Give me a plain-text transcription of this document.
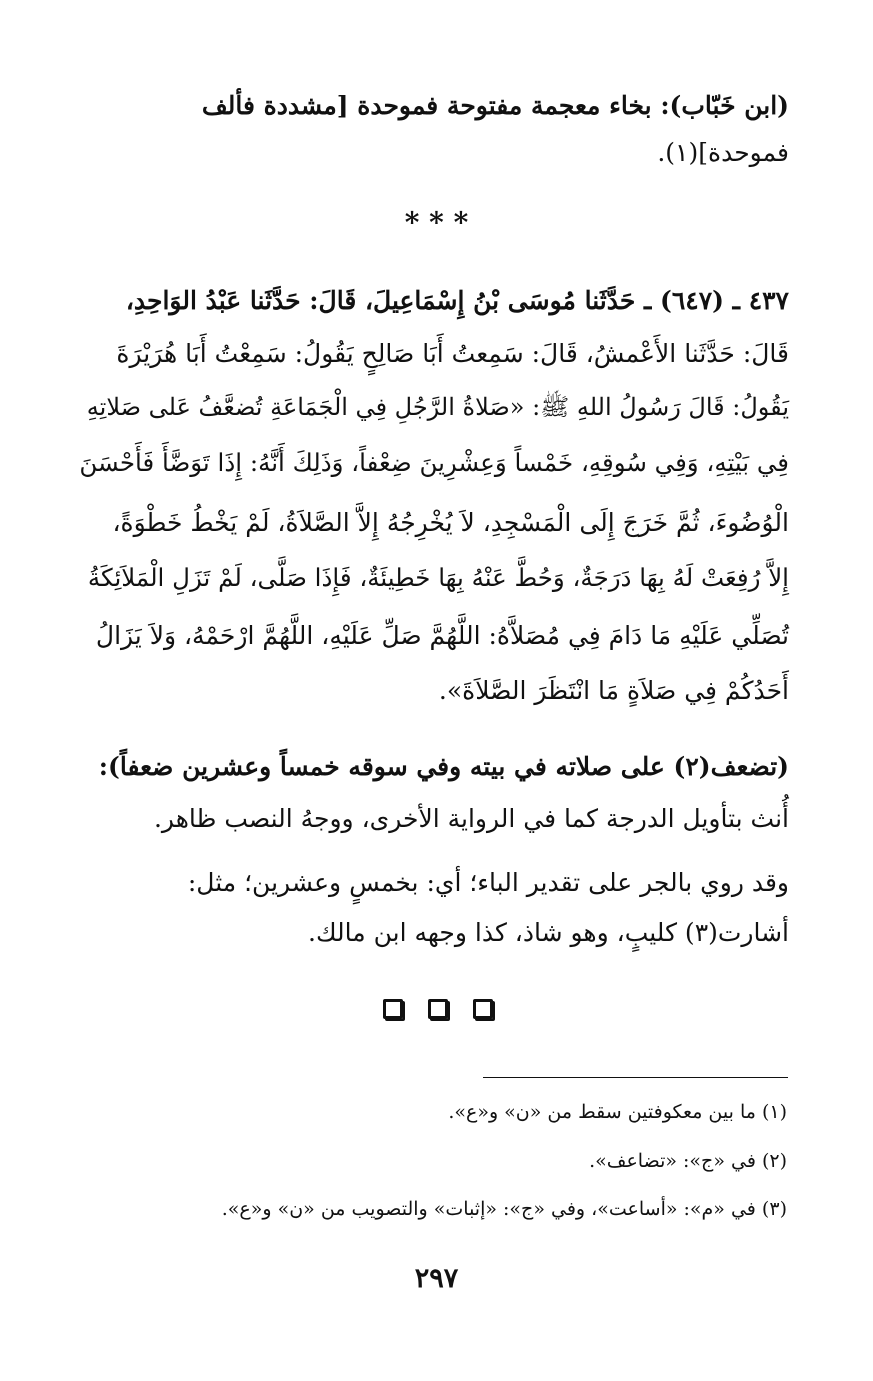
(ابن خَبّاب): بخاء معجمة مفتوحة فموحدة [مشددة فألف

فموحدة](١).

* * *

٤٣٧ ـ (٦٤٧) ـ حَدَّثَنا مُوسَى بْنُ إِسْمَاعِيلَ، قَالَ: حَدَّثَنا عَبْدُ الوَاحِدِ،

قَالَ: حَدَّثَنا الأَعْمشُ، قَالَ: سَمِعتُ أَبَا صَالِحٍ يَقُولُ: سَمِعْتُ أَبَا هُرَيْرَةَ

يَقُولُ: قَالَ رَسُولُ اللهِ ﷺ: «صَلاةُ الرَّجُلِ فِي الْجَمَاعَةِ تُضعَّفُ عَلى صَلاتِهِ

فِي بَيْتِهِ، وَفِي سُوقِهِ، خَمْساً وَعِشْرِينَ ضِعْفاً، وَذَلِكَ أَنَّهُ: إِذَا تَوَضَّأَ فَأَحْسَنَ

الْوُضُوءَ، ثُمَّ خَرَجَ إِلَى الْمَسْجِدِ، لاَ يُخْرِجُهُ إِلاَّ الصَّلاَةُ، لَمْ يَخْطُ خَطْوَةً،

إِلاَّ رُفِعَتْ لَهُ بِهَا دَرَجَةٌ، وَحُطَّ عَنْهُ بِهَا خَطِيئَةٌ، فَإِذَا صَلَّى، لَمْ تَزَلِ الْمَلاَئِكَةُ

تُصَلِّي عَلَيْهِ مَا دَامَ فِي مُصَلاَّهُ: اللَّهُمَّ صَلِّ عَلَيْهِ، اللَّهُمَّ ارْحَمْهُ، وَلاَ يَزَالُ

أَحَدُكُمْ فِي صَلاَةٍ مَا انْتَظَرَ الصَّلاَةَ».

(تضعف(٢) على صلاته في بيته وفي سوقه خمساً وعشرين ضعفاً):

أُنث بتأويل الدرجة كما في الرواية الأخرى، ووجهُ النصب ظاهر.

وقد روي بالجر على تقدير الباء؛ أي: بخمسٍ وعشرين؛ مثل:

أشارت(٣) كليبٍ، وهو شاذ، كذا وجهه ابن مالك.

(١) ما بين معكوفتين سقط من «ن» و«ع».

(٢) في «ج»: «تضاعف».

(٣) في «م»: «أساعت»، وفي «ج»: «إثبات» والتصويب من «ن» و«ع».

٢٩٧
